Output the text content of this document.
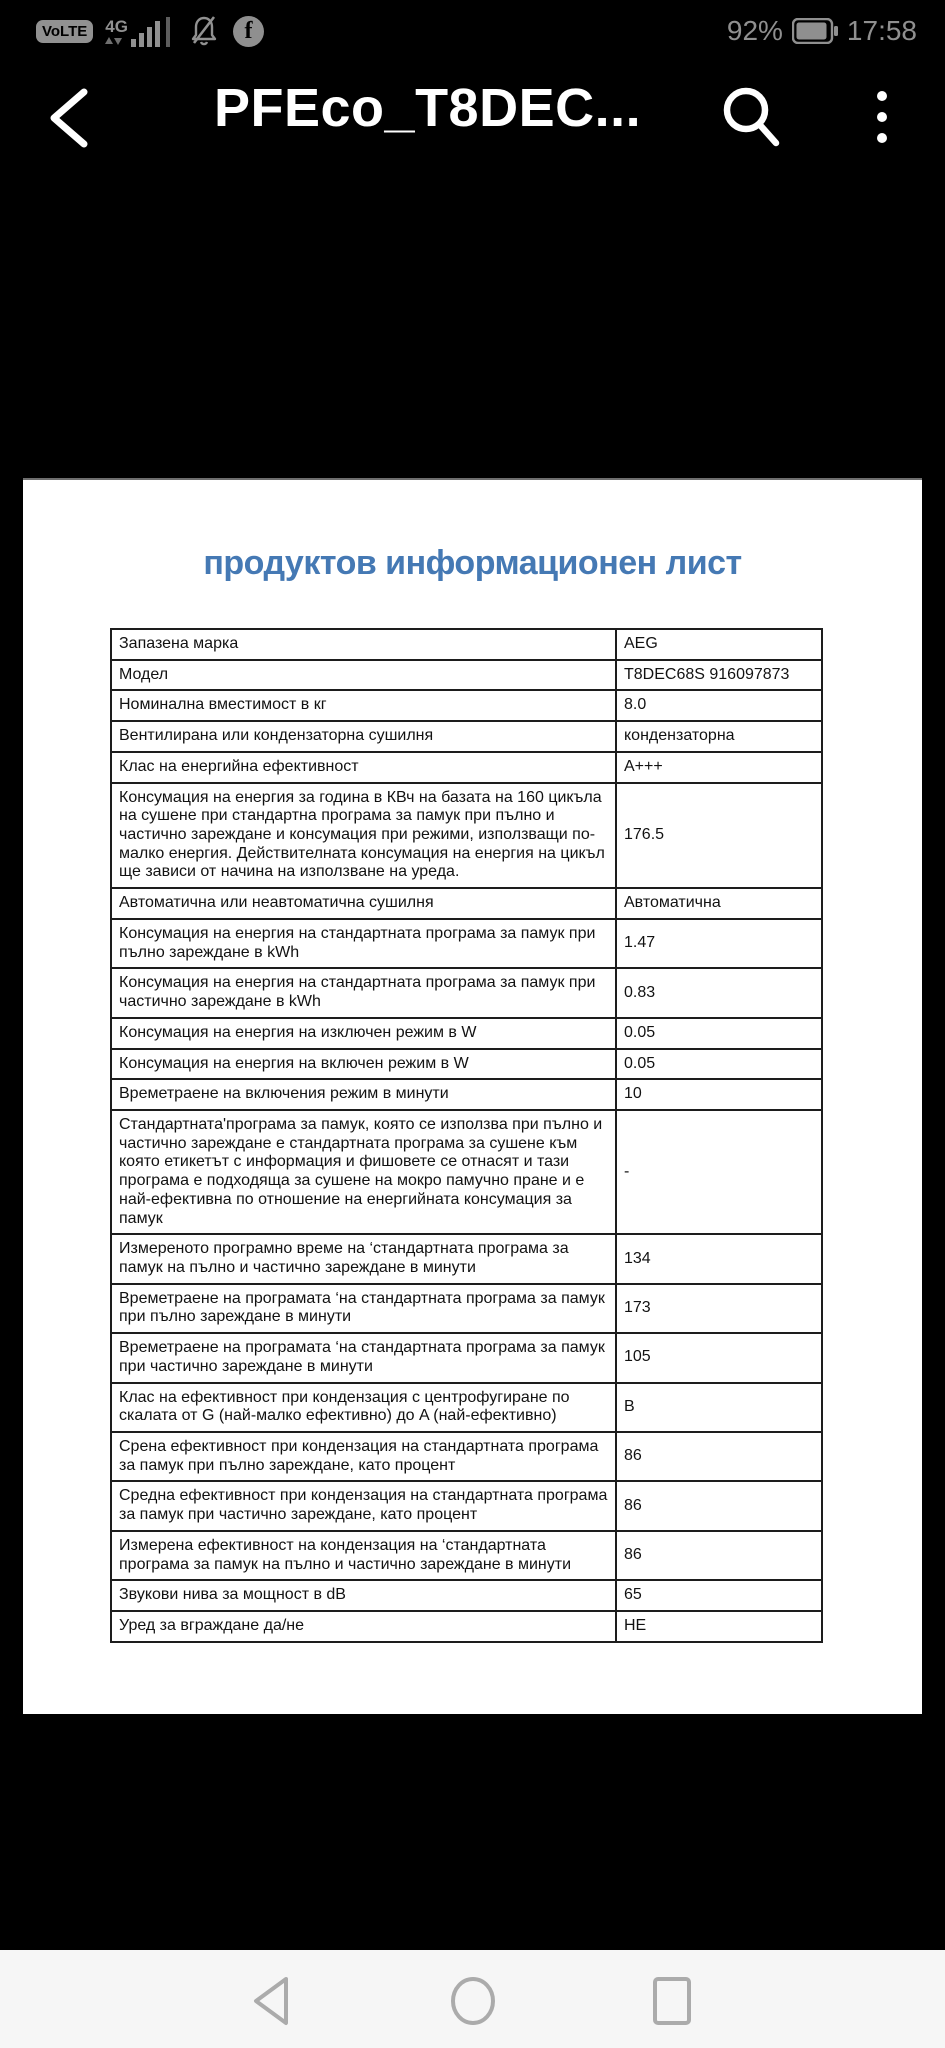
VoLTE	4G	f	92% 17:58
PFEco_T8DEC...
продуктов информационен лист
Запазена марка	AEG
Модел	T8DEC68S 916097873
Номинална вместимост в кг	8.0
Вентилирана или кондензаторна сушилня	кондензаторна
Клас на енергийна ефективност	A+++
Консумация на енергия за година в КВч на базата на 160 цикъла на сушене при стандартна програма за памук при пълно и частично зареждане и консумация при режими, използващи по-малко енергия. Действителната консумация на енергия на цикъл ще зависи от начина на използване на уреда.	176.5
Автоматична или неавтоматична сушилня	Автоматична
Консумация на енергия на стандартната програма за памук при пълно зареждане в kWh	1.47
Консумация на енергия на стандартната програма за памук при частично зареждане в kWh	0.83
Консумация на енергия на изключен режим в W	0.05
Консумация на енергия на включен режим в W	0.05
Времетраене на включения режим в минути	10
Стандартната'програма за памук, която се използва при пълно и частично зареждане е стандартната програма за сушене към която етикетът с информация и фишовете се отнасят и тази програма е подходяща за сушене на мокро памучно пране и е най-ефективна по отношение на енергийната консумация за памук	-
Измереното програмно време на ‘стандартната програма за памук на пълно и частично зареждане в минути	134
Времетраене на програмата ‘на стандартната програма за памук при пълно зареждане в минути	173
Времетраене на програмата ‘на стандартната програма за памук при частично зареждане в минути	105
Клас на ефективност при кондензация с центрофугиране по скалата от G (най-малко ефективно) до A (най-ефективно)	B
Срена ефективност при кондензация на стандартната програма за памук при пълно зареждане, като процент	86
Средна ефективност при кондензация на стандартната програма за памук при частично зареждане, като процент	86
Измерена ефективност на кондензация на ‘стандартната програма за памук на пълно и частично зареждане в минути	86
Звукови нива за мощност в dB	65
Уред за вграждане да/не	НЕ
